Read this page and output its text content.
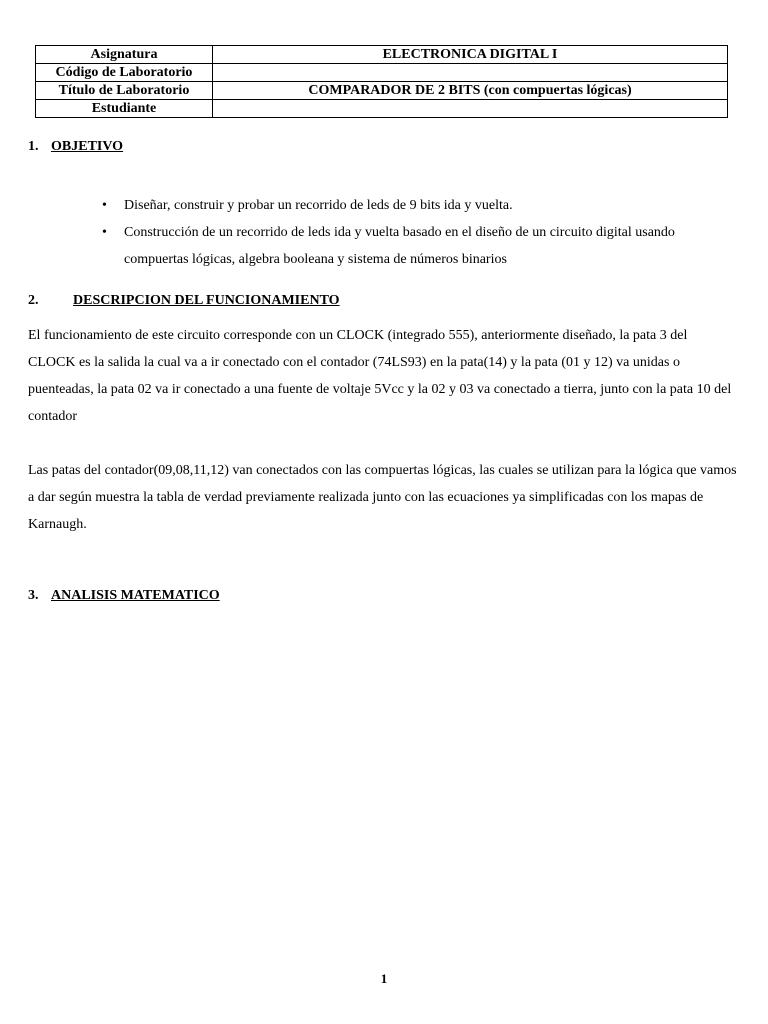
Asignatura	ELECTRONICA DIGITAL I
Código de Laboratorio	
Título de Laboratorio	COMPARADOR DE 2 BITS (con compuertas lógicas)
Estudiante	
1. OBJETIVO
• Diseñar, construir y probar un recorrido de leds de 9 bits ida y vuelta.
• Construcción de un recorrido de leds ida y vuelta basado en el diseño de un circuito digital usando compuertas lógicas, algebra booleana y sistema de números binarios
2. DESCRIPCION DEL FUNCIONAMIENTO

El funcionamiento de este circuito corresponde con un CLOCK (integrado 555), anteriormente diseñado, la pata 3 del CLOCK es la salida la cual va a ir conectado con el contador (74LS93) en la pata(14) y la pata (01 y 12) va unidas o puenteadas, la pata 02 va ir conectado a una fuente de voltaje 5Vcc y la 02 y 03 va conectado a tierra, junto con la pata 10 del contador

Las patas del contador(09,08,11,12) van conectados con las compuertas lógicas, las cuales se utilizan para la lógica que vamos a dar según muestra la tabla de verdad previamente realizada junto con las ecuaciones ya simplificadas con los mapas de Karnaugh.

3. ANALISIS MATEMATICO
1
